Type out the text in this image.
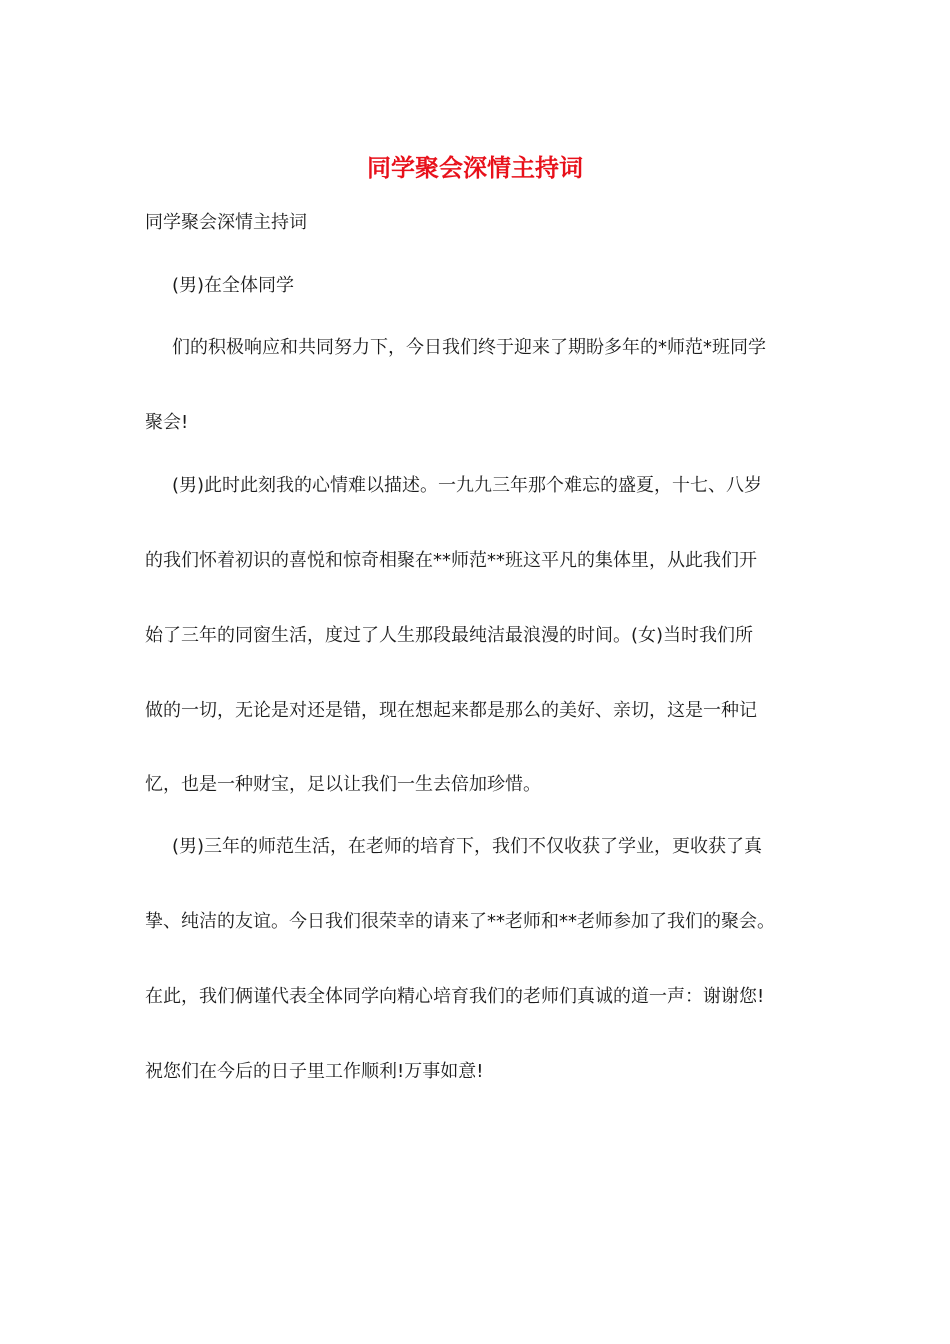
同学聚会深情主持词

同学聚会深情主持词

(男)在全体同学

们的积极响应和共同努力下，今日我们终于迎来了期盼多年的*师范*班同学

聚会!

(男)此时此刻我的心情难以描述。一九九三年那个难忘的盛夏，十七、八岁

的我们怀着初识的喜悦和惊奇相聚在**师范**班这平凡的集体里，从此我们开

始了三年的同窗生活，度过了人生那段最纯洁最浪漫的时间。(女)当时我们所

做的一切，无论是对还是错，现在想起来都是那么的美好、亲切，这是一种记

忆，也是一种财宝，足以让我们一生去倍加珍惜。

(男)三年的师范生活，在老师的培育下，我们不仅收获了学业，更收获了真

挚、纯洁的友谊。今日我们很荣幸的请来了**老师和**老师参加了我们的聚会。

在此，我们俩谨代表全体同学向精心培育我们的老师们真诚的道一声：谢谢您!

祝您们在今后的日子里工作顺利!万事如意!
